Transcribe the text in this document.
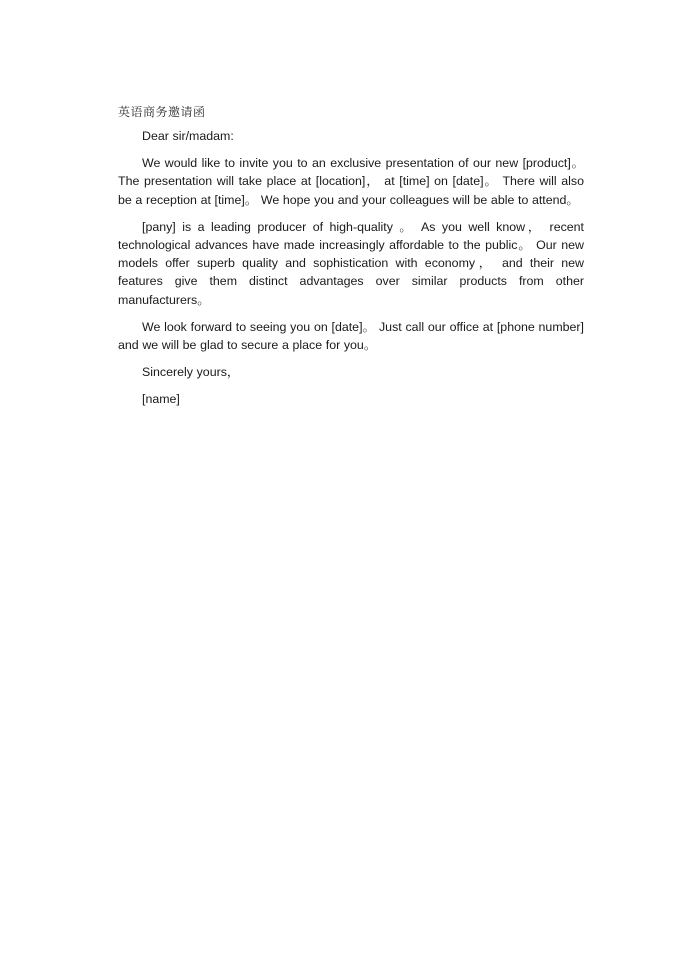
英语商务邀请函

Dear sir/madam:

We would like to invite you to an exclusive presentation of our new [product]。 The presentation will take place at [location]， at [time] on [date]。 There will also be a reception at [time]。 We hope you and your colleagues will be able to attend。

[pany] is a leading producer of high-quality 。 As you well know， recent technological advances have made increasingly affordable to the public。 Our new models offer superb quality and sophistication with economy， and their new features give them distinct advantages over similar products from other manufacturers。

We look forward to seeing you on [date]。 Just call our office at [phone number] and we will be glad to secure a place for you。

Sincerely yours，

[name]
